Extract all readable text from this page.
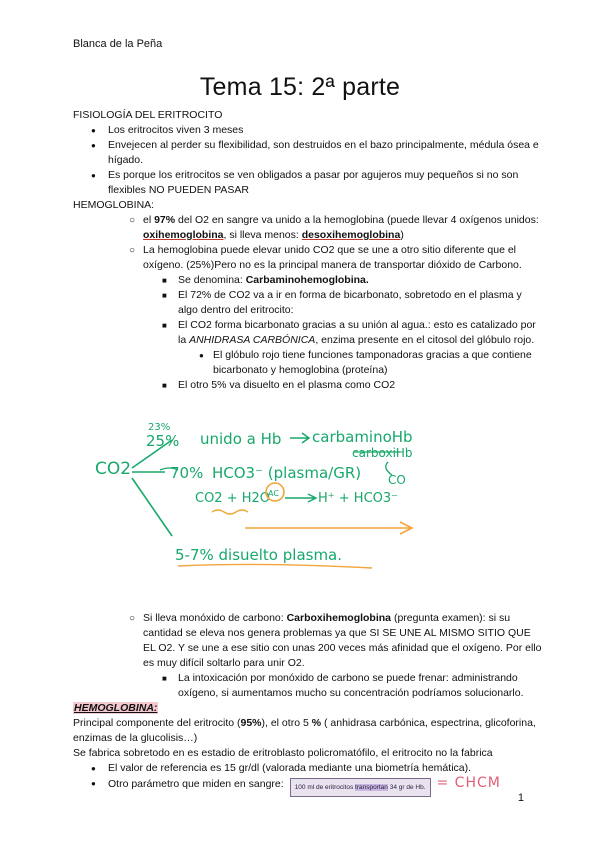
Blanca de la Peña
Tema 15: 2ª parte

FISIOLOGÍA DEL ERITROCITO

●
Los eritrocitos viven 3 meses
●
Envejecen al perder su flexibilidad, son destruidos en el bazo principalmente, médula ósea e hígado.
●
Es porque los eritrocitos se ven obligados a pasar por agujeros muy pequeños si no son flexibles NO PUEDEN PASAR

HEMOGLOBINA:

○
el 97% del O2 en sangre va unido a la hemoglobina (puede llevar 4 oxígenos unidos: oxihemoglobina, si lleva menos: desoxihemoglobina)
○
La hemoglobina puede elevar unido CO2 que se une a otro sitio diferente que el oxígeno. (25%)Pero no es la principal manera de transportar dióxido de Carbono.
■
Se denomina: Carbaminohemoglobina.
■
El 72% de CO2 va a ir en forma de bicarbonato, sobretodo en el plasma y algo dentro del eritrocito:
■
El CO2 forma bicarbonato gracias a su unión al agua.: esto es catalizado por la ANHIDRASA CARBÓNICA, enzima presente en el citosol del glóbulo rojo.
●
El glóbulo rojo tiene funciones tamponadoras gracias a que contiene bicarbonato y hemoglobina (proteína)
■
El otro 5% va disuelto en el plasma como CO2
○
Si lleva monóxido de carbono: Carboxihemoglobina (pregunta examen): si su cantidad se eleva nos genera problemas ya que SI SE UNE AL MISMO SITIO QUE EL O2. Y se une a ese sitio con unas 200 veces más afinidad que el oxígeno. Por ello es muy difícil soltarlo para unir O2.
■
La intoxicación por monóxido de carbono se puede frenar: administrando oxígeno, si aumentamos mucho su concentración podríamos solucionarlo.

HEMOGLOBINA:

Principal componente del eritrocito (95%), el otro 5 % ( anhidrasa carbónica, espectrina, glicoforina, enzimas de la glucolisis…)

Se fabrica sobretodo en es estadio de eritroblasto policromatófilo, el eritrocito no la fabrica

●
El valor de referencia es 15 gr/dl (valorada mediante una biometría hemática).
●
Otro parámetro que miden en sangre: 100 ml de eritrocitos transportan 34 gr de Hb. = CHCM
CO2
23%
25% unido a Hb carbaminoHb
carboxiHb
CO
70% HCO3⁻ (plasma/GR)
CO2 + H2O
AC	H⁺ + HCO3⁻
5-7% disuelto plasma.
1
